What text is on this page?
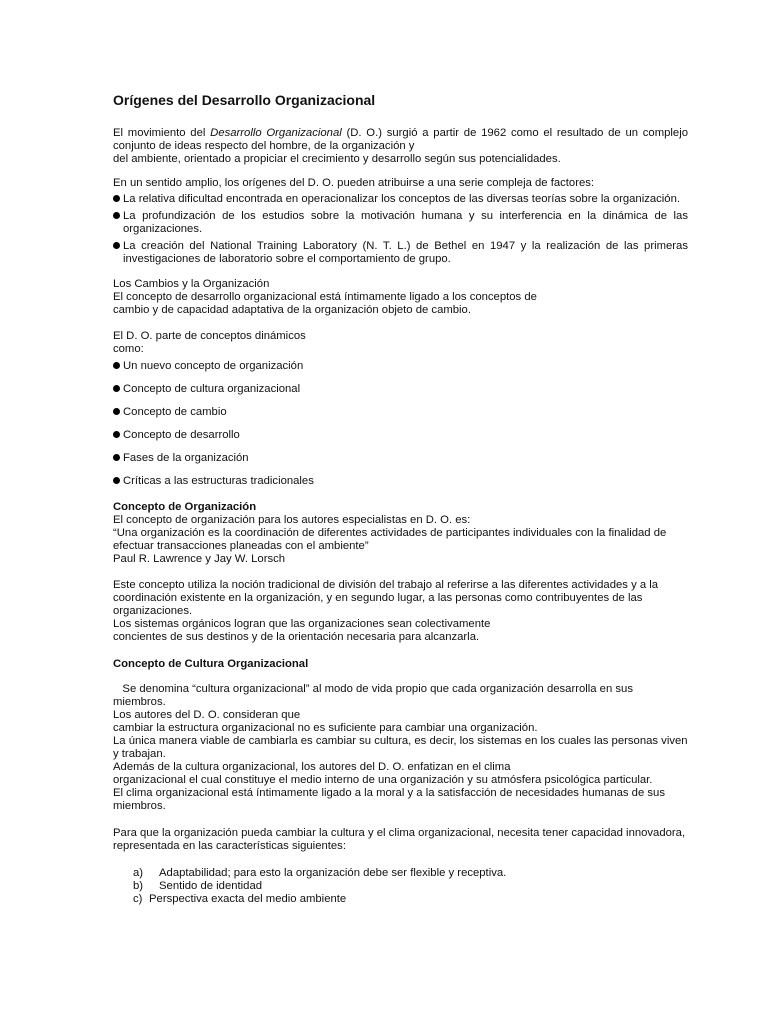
Orígenes del Desarrollo Organizacional

El movimiento del Desarrollo Organizacional (D. O.) surgió a partir de 1962 como el resultado de un complejo
conjunto de ideas respecto del hombre, de la organización y
del ambiente, orientado a propiciar el crecimiento y desarrollo según sus potencialidades.

En un sentido amplio, los orígenes del D. O. pueden atribuirse a una serie compleja de factores:

La relativa dificultad encontrada en operacionalizar los conceptos de las diversas teorías sobre la organización.
La profundización de los estudios sobre la motivación humana y su interferencia en la dinámica de las organizaciones.
La creación del National Training Laboratory (N. T. L.) de Bethel en 1947 y la realización de las primeras investigaciones de laboratorio sobre el comportamiento de grupo.

Los Cambios y la Organización
El concepto de desarrollo organizacional está íntimamente ligado a los conceptos de
cambio y de capacidad adaptativa de la organización objeto de cambio.

El D. O. parte de conceptos dinámicos
como:

Un nuevo concepto de organización
Concepto de cultura organizacional
Concepto de cambio
Concepto de desarrollo
Fases de la organización
Críticas a las estructuras tradicionales

Concepto de Organización
El concepto de organización para los autores especialistas en D. O. es:
“Una organización es la coordinación de diferentes actividades de participantes individuales con la finalidad de
efectuar transacciones planeadas con el ambiente”
Paul R. Lawrence y Jay W. Lorsch

Este concepto utiliza la noción tradicional de división del trabajo al referirse a las diferentes actividades y a la
coordinación existente en la organización, y en segundo lugar, a las personas como contribuyentes de las
organizaciones.
Los sistemas orgánicos logran que las organizaciones sean colectivamente
concientes de sus destinos y de la orientación necesaria para alcanzarla.

Concepto de Cultura Organizacional
Se denomina “cultura organizacional” al modo de vida propio que cada organización desarrolla en sus
miembros.
Los autores del D. O. consideran que
cambiar la estructura organizacional no es suficiente para cambiar una organización.
La única manera viable de cambiarla es cambiar su cultura, es decir, los sistemas en los cuales las personas viven
y trabajan.
Además de la cultura organizacional, los autores del D. O. enfatizan en el clima
organizacional el cual constituye el medio interno de una organización y su atmósfera psicológica particular.
El clima organizacional está íntimamente ligado a la moral y a la satisfacción de necesidades humanas de sus
miembros.

Para que la organización pueda cambiar la cultura y el clima organizacional, necesita tener capacidad innovadora,
representada en las características siguientes:

a)	Adaptabilidad; para esto la organización debe ser flexible y receptiva.
b)	Sentido de identidad
c) Perspectiva exacta del medio ambiente
